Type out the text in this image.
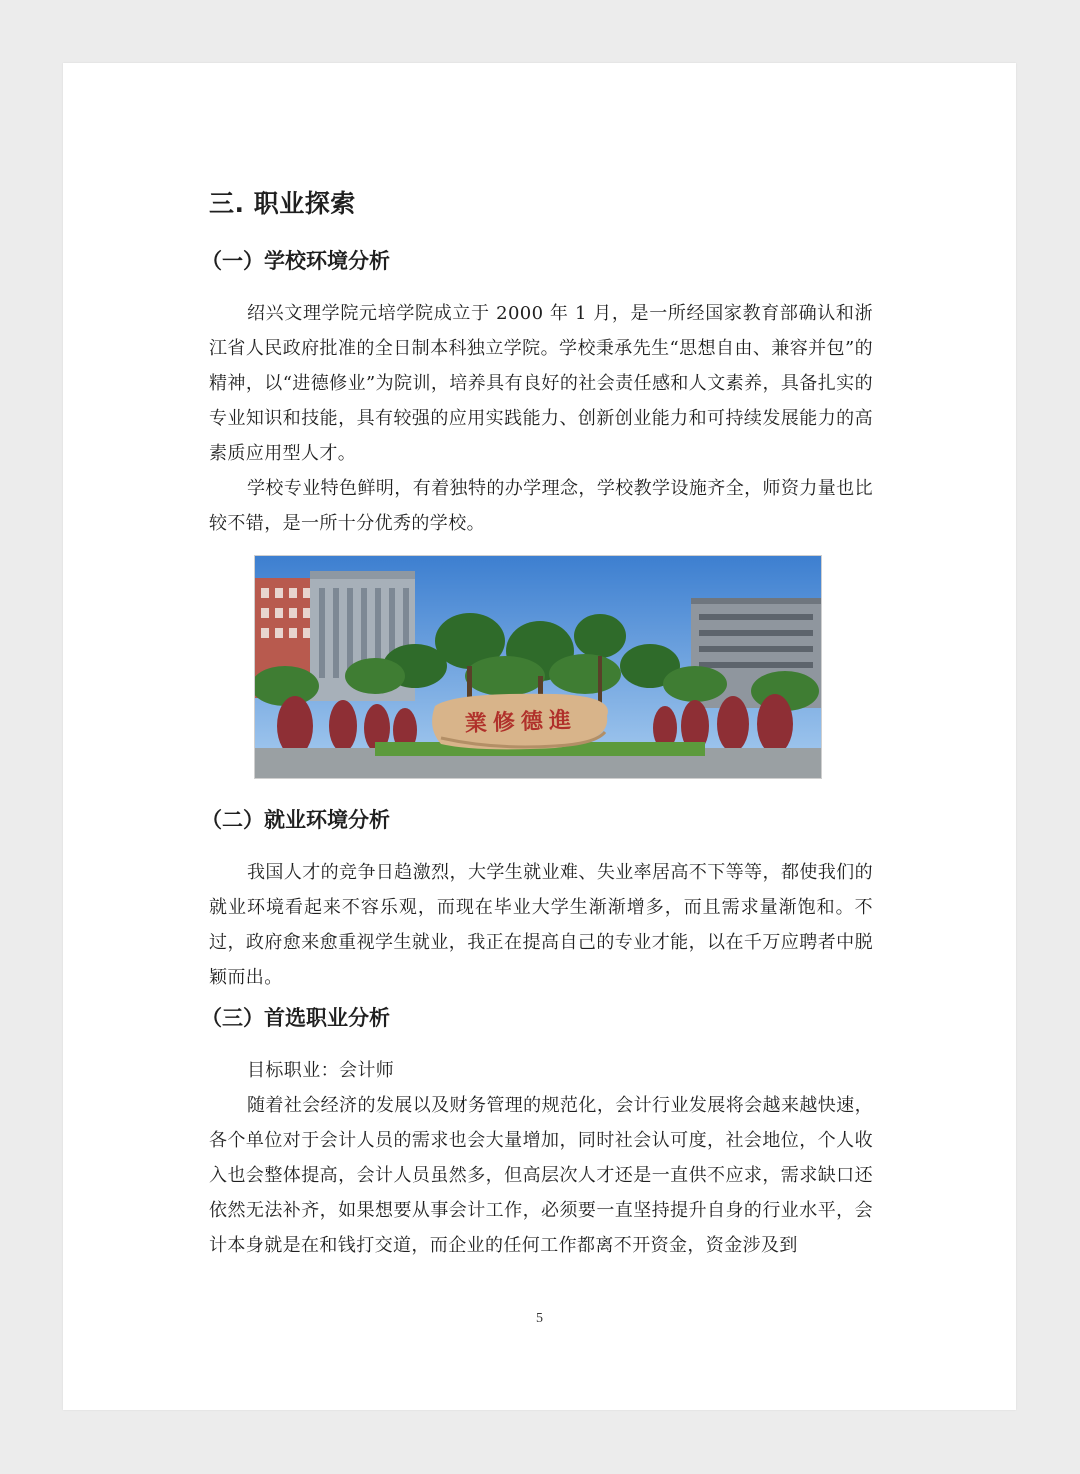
三. 职业探索
（一）学校环境分析

绍兴文理学院元培学院成立于 2000 年 1 月，是一所经国家教育部确认和浙江省人民政府批准的全日制本科独立学院。学校秉承先生“思想自由、兼容并包”的精神，以“进德修业”为院训，培养具有良好的社会责任感和人文素养，具备扎实的专业知识和技能，具有较强的应用实践能力、创新创业能力和可持续发展能力的高素质应用型人才。

学校专业特色鲜明，有着独特的办学理念，学校教学设施齐全，师资力量也比较不错，是一所十分优秀的学校。

業修德進
（二）就业环境分析

我国人才的竞争日趋激烈，大学生就业难、失业率居高不下等等，都使我们的就业环境看起来不容乐观，而现在毕业大学生渐渐增多，而且需求量渐饱和。不过，政府愈来愈重视学生就业，我正在提高自己的专业才能，以在千万应聘者中脱颖而出。

（三）首选职业分析

目标职业：会计师

随着社会经济的发展以及财务管理的规范化，会计行业发展将会越来越快速，各个单位对于会计人员的需求也会大量增加，同时社会认可度，社会地位，个人收入也会整体提高，会计人员虽然多，但高层次人才还是一直供不应求，需求缺口还依然无法补齐，如果想要从事会计工作，必须要一直坚持提升自身的行业水平，会计本身就是在和钱打交道，而企业的任何工作都离不开资金，资金涉及到

5
